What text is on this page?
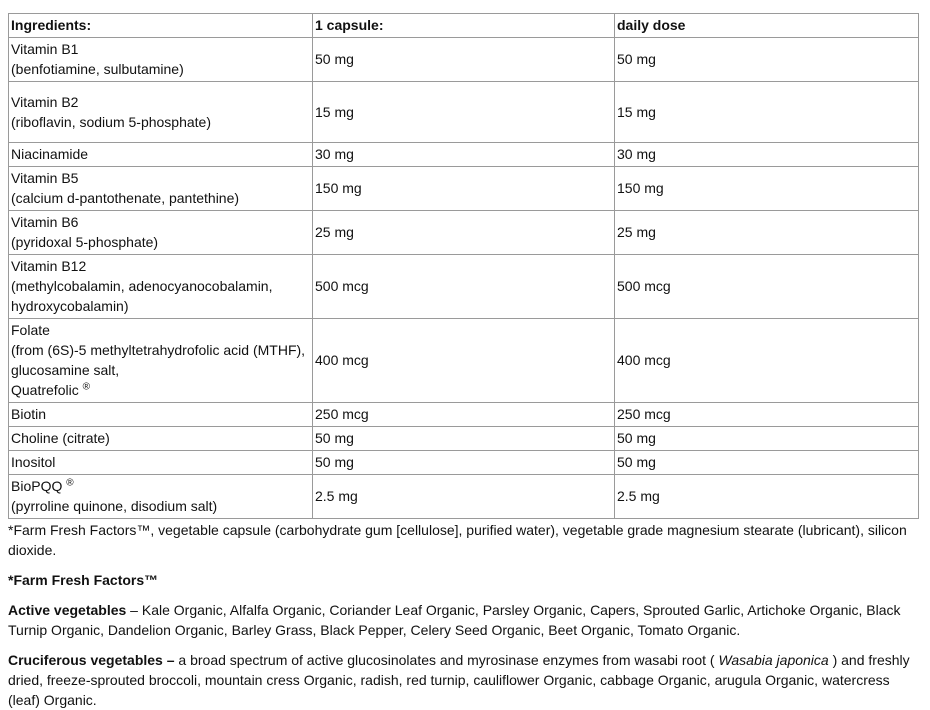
Ingredients:	1 capsule:	daily dose

Vitamin B1
(benfotiamine, sulbutamine)	50 mg	50 mg

Vitamin B2
(riboflavin, sodium 5-phosphate)	15 mg	15 mg

Niacinamide	30 mg	30 mg

Vitamin B5
(calcium d-pantothenate, pantethine)	150 mg	150 mg

Vitamin B6
(pyridoxal 5-phosphate)	25 mg	25 mg

Vitamin B12
(methylcobalamin, adenocyanocobalamin,
hydroxycobalamin)	500 mcg	500 mcg

Folate
(from (6S)-5 methyltetrahydrofolic acid (MTHF),
glucosamine salt,
Quatrefolic ®	400 mcg	400 mcg

Biotin	250 mcg	250 mcg

Choline (citrate)	50 mg	50 mg

Inositol	50 mg	50 mg

BioPQQ ®
(pyrroline quinone, disodium salt)	2.5 mg	2.5 mg

*Farm Fresh Factors™, vegetable capsule (carbohydrate gum [cellulose], purified water), vegetable grade magnesium stearate (lubricant), silicon dioxide.

*Farm Fresh Factors™

Active vegetables – Kale Organic, Alfalfa Organic, Coriander Leaf Organic, Parsley Organic, Capers, Sprouted Garlic, Artichoke Organic, Black Turnip Organic, Dandelion Organic, Barley Grass, Black Pepper, Celery Seed Organic, Beet Organic, Tomato Organic.

Cruciferous vegetables – a broad spectrum of active glucosinolates and myrosinase enzymes from wasabi root ( Wasabia japonica ) and freshly dried, freeze-sprouted broccoli, mountain cress Organic, radish, red turnip, cauliflower Organic, cabbage Organic, arugula Organic, watercress (leaf) Organic.
